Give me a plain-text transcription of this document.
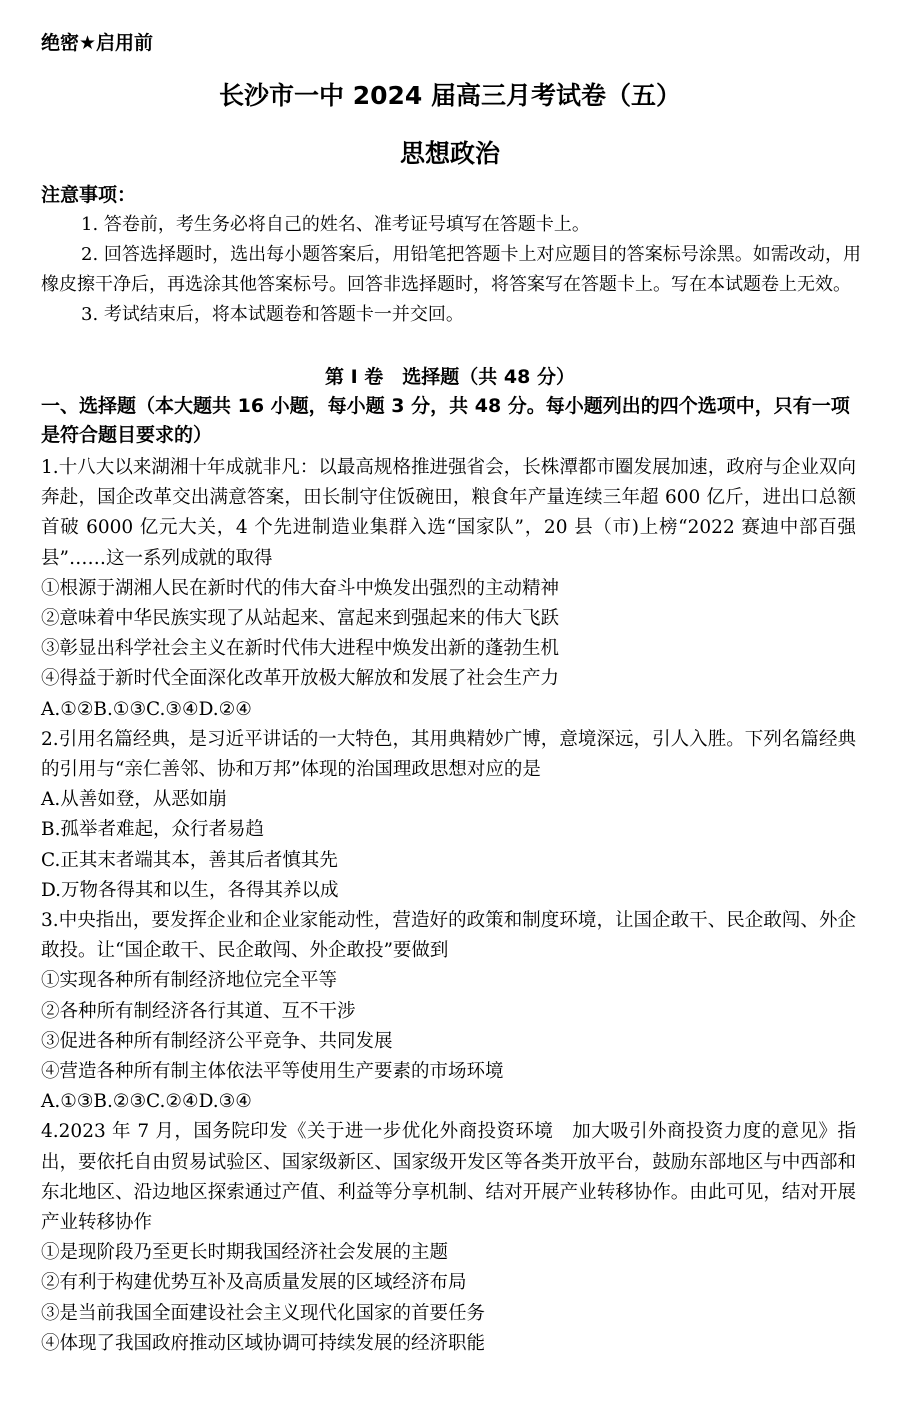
绝密★启用前
长沙市一中 2024 届高三月考试卷（五）
思想政治
注意事项：

1. 答卷前，考生务必将自己的姓名、准考证号填写在答题卡上。

2. 回答选择题时，选出每小题答案后，用铅笔把答题卡上对应题目的答案标号涂黑。如需改动，用橡皮擦干净后，再选涂其他答案标号。回答非选择题时，将答案写在答题卡上。写在本试题卷上无效。

3. 考试结束后，将本试题卷和答题卡一并交回。

第 Ⅰ 卷　选择题（共 48 分）
一、选择题（本大题共 16 小题，每小题 3 分，共 48 分。每小题列出的四个选项中，只有一项是符合题目要求的）
1.十八大以来湖湘十年成就非凡：以最高规格推进强省会，长株潭都市圈发展加速，政府与企业双向奔赴，国企改革交出满意答案，田长制守住饭碗田，粮食年产量连续三年超 600 亿斤，进出口总额首破 6000 亿元大关，4 个先进制造业集群入选“国家队”，20 县（市)上榜“2022 赛迪中部百强县”……这一系列成就的取得
①根源于湖湘人民在新时代的伟大奋斗中焕发出强烈的主动精神
②意味着中华民族实现了从站起来、富起来到强起来的伟大飞跃
③彰显出科学社会主义在新时代伟大进程中焕发出新的蓬勃生机
④得益于新时代全面深化改革开放极大解放和发展了社会生产力
A.①②B.①③C.③④D.②④
2.引用名篇经典，是习近平讲话的一大特色，其用典精妙广博，意境深远，引人入胜。下列名篇经典的引用与“亲仁善邻、协和万邦”体现的治国理政思想对应的是
A.从善如登，从恶如崩
B.孤举者难起，众行者易趋
C.正其末者端其本，善其后者慎其先
D.万物各得其和以生，各得其养以成
3.中央指出，要发挥企业和企业家能动性，营造好的政策和制度环境，让国企敢干、民企敢闯、外企敢投。让“国企敢干、民企敢闯、外企敢投”要做到
①实现各种所有制经济地位完全平等
②各种所有制经济各行其道、互不干涉
③促进各种所有制经济公平竞争、共同发展
④营造各种所有制主体依法平等使用生产要素的市场环境
A.①③B.②③C.②④D.③④
4.2023 年 7 月，国务院印发《关于进一步优化外商投资环境　加大吸引外商投资力度的意见》指出，要依托自由贸易试验区、国家级新区、国家级开发区等各类开放平台，鼓励东部地区与中西部和东北地区、沿边地区探索通过产值、利益等分享机制、结对开展产业转移协作。由此可见，结对开展产业转移协作
①是现阶段乃至更长时期我国经济社会发展的主题
②有利于构建优势互补及高质量发展的区域经济布局
③是当前我国全面建设社会主义现代化国家的首要任务
④体现了我国政府推动区域协调可持续发展的经济职能
